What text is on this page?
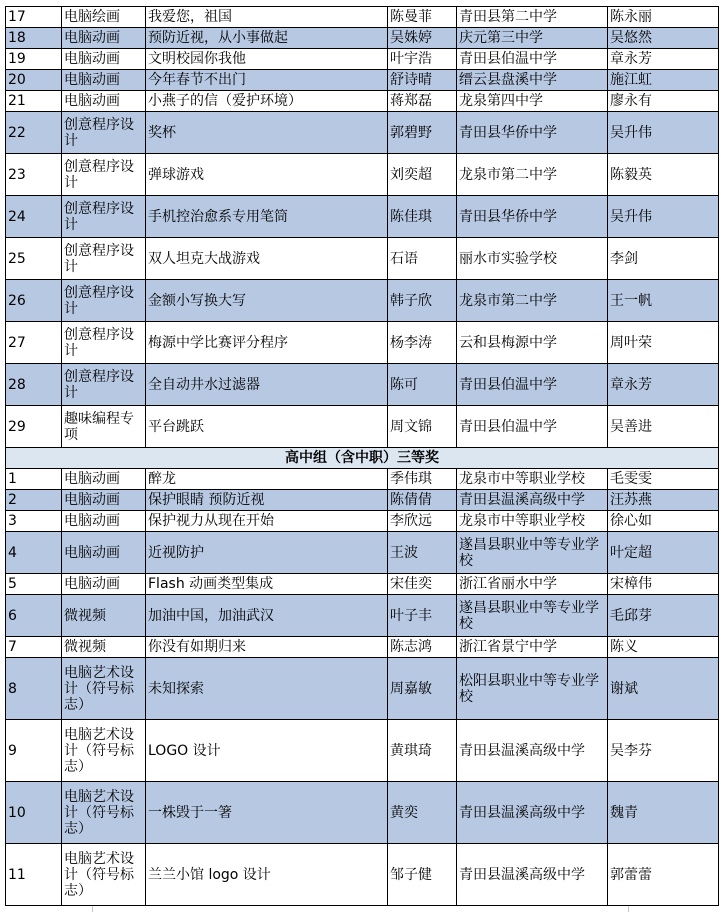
17	电脑绘画	我爱您，祖国	陈曼菲	青田县第二中学	陈永丽
18	电脑动画	预防近视，从小事做起	吴姝婷	庆元第三中学	吴悠然
19	电脑动画	文明校园你我他	叶宇浩	青田县伯温中学	章永芳
20	电脑动画	今年春节不出门	舒诗晴	缙云县盘溪中学	施江虹
21	电脑动画	小燕子的信（爱护环境）	蒋郑磊	龙泉第四中学	廖永有
22	创意程序设计	奖杯	郭碧野	青田县华侨中学	吴升伟
23	创意程序设计	弹球游戏	刘奕超	龙泉市第二中学	陈毅英
24	创意程序设计	手机控治愈系专用笔筒	陈佳琪	青田县华侨中学	吴升伟
25	创意程序设计	双人坦克大战游戏	石语	丽水市实验学校	李剑
26	创意程序设计	金额小写换大写	韩子欣	龙泉市第二中学	王一帆
27	创意程序设计	梅源中学比赛评分程序	杨李涛	云和县梅源中学	周叶荣
28	创意程序设计	全自动井水过滤器	陈可	青田县伯温中学	章永芳
29	趣味编程专项	平台跳跃	周文锦	青田县伯温中学	吴善进
高中组（含中职）三等奖					
1	电脑动画	醉龙	季伟琪	龙泉市中等职业学校	毛雯雯
2	电脑动画	保护眼睛 预防近视	陈倩倩	青田县温溪高级中学	汪苏燕
3	电脑动画	保护视力从现在开始	李欣远	龙泉市中等职业学校	徐心如
4	电脑动画	近视防护	王波	遂昌县职业中等专业学校	叶定超
5	电脑动画	Flash 动画类型集成	宋佳奕	浙江省丽水中学	宋樟伟
6	微视频	加油中国，加油武汉	叶子丰	遂昌县职业中等专业学校	毛邱芽
7	微视频	你没有如期归来	陈志鸿	浙江省景宁中学	陈义
8	电脑艺术设计（符号标志）	未知探索	周嘉敏	松阳县职业中等专业学校	谢斌
9	电脑艺术设计（符号标志）	LOGO 设计	黄琪琦	青田县温溪高级中学	吴李芬
10	电脑艺术设计（符号标志）	一株毁于一箸	黄奕	青田县温溪高级中学	魏青
11	电脑艺术设计（符号标志）	兰兰小馆 logo 设计	邹子健	青田县温溪高级中学	郭蕾蕾
